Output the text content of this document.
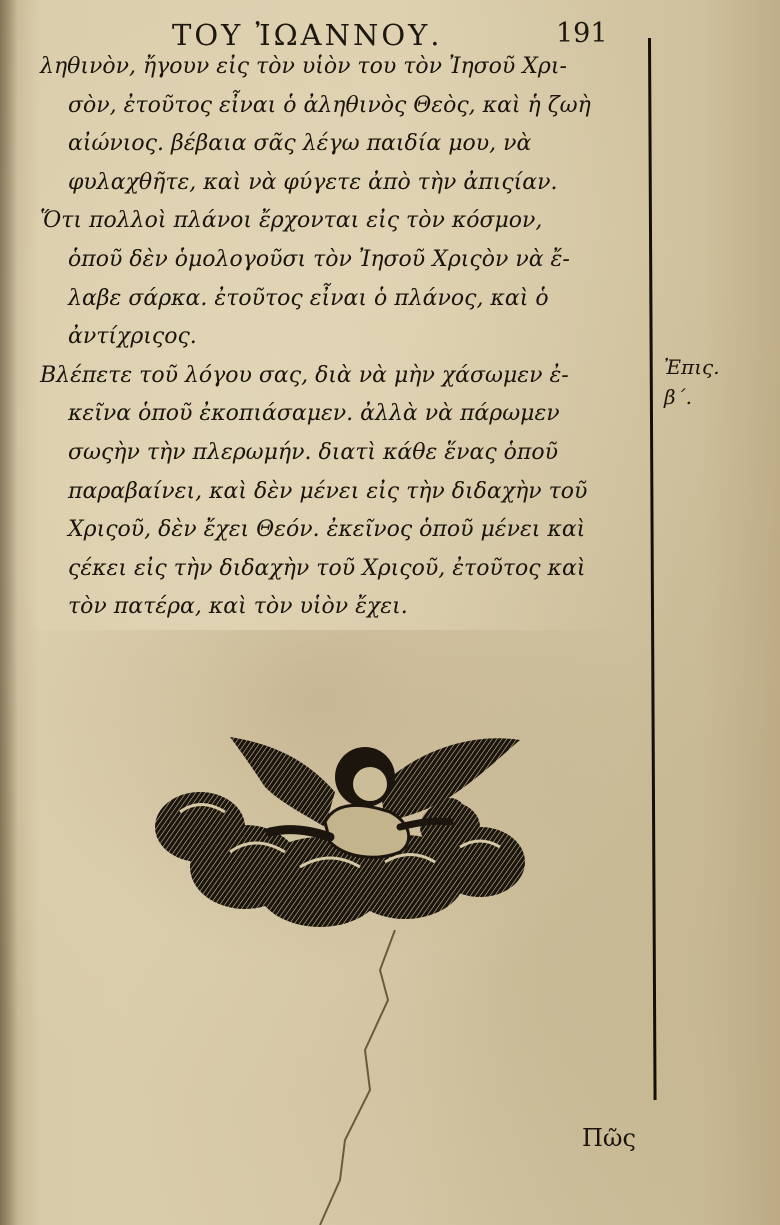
ΤΟΥ ἸΩΑΝΝΟΥ.	191
ληθινὸν, ἤγουν εἰς τὸν υἱὸν του τὸν Ἰησοῦ Χρι-
σὸν, ἐτοῦτος εἶναι ὁ ἀληθινὸς Θεὸς, καὶ ἡ ζωὴ
αἰώνιος. βέβαια σᾶς λέγω παιδία μου, νὰ
φυλαχθῆτε, καὶ νὰ φύγετε ἀπὸ τὴν ἀπιςίαν.
Ὅτι πολλοὶ πλάνοι ἔρχονται εἰς τὸν κόσμον,
ὁποῦ δὲν ὁμολογοῦσι τὸν Ἰησοῦ Χριςὸν νὰ ἔ-
λαβε σάρκα. ἐτοῦτος εἶναι ὁ πλάνος, καὶ ὁ
ἀντίχριςος.
Βλέπετε τοῦ λόγου σας, διὰ νὰ μὴν χάσωμεν ἐ-
κεῖνα ὁποῦ ἐκοπιάσαμεν. ἀλλὰ νὰ πάρωμεν
σωςὴν τὴν πλερωμήν. διατὶ κάθε ἕνας ὁποῦ
παραβαίνει, καὶ δὲν μένει εἰς τὴν διδαχὴν τοῦ
Χριςοῦ, δὲν ἔχει Θεόν. ἐκεῖνος ὁποῦ μένει καὶ
ςέκει εἰς τὴν διδαχὴν τοῦ Χριςοῦ, ἐτοῦτος καὶ
τὸν πατέρα, καὶ τὸν υἱὸν ἔχει.
Ἐπις.
β΄.
Πῶς
